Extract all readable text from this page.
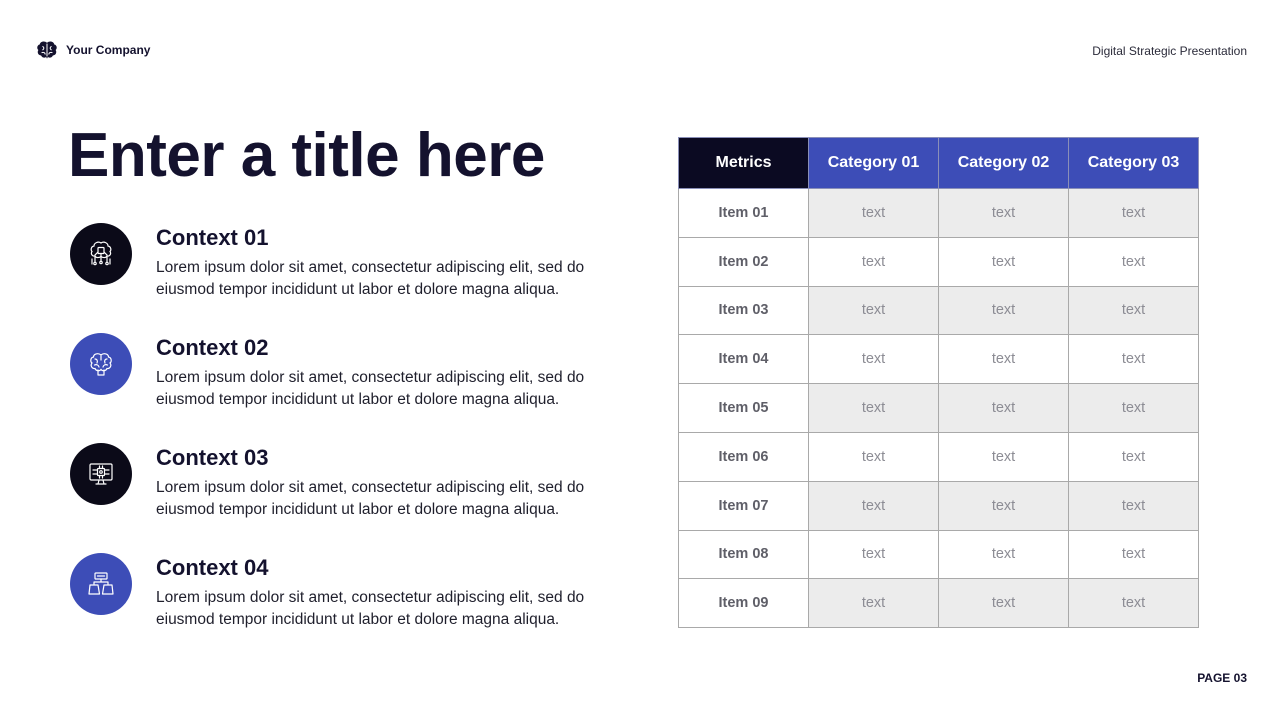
Your Company	Digital Strategic Presentation
Enter a title here
Context 01
Lorem ipsum dolor sit amet, consectetur adipiscing elit, sed do eiusmod tempor incididunt ut labor et dolore magna aliqua.
Context 02
Lorem ipsum dolor sit amet, consectetur adipiscing elit, sed do eiusmod tempor incididunt ut labor et dolore magna aliqua.
Context 03
Lorem ipsum dolor sit amet, consectetur adipiscing elit, sed do eiusmod tempor incididunt ut labor et dolore magna aliqua.
Context 04
Lorem ipsum dolor sit amet, consectetur adipiscing elit, sed do eiusmod tempor incididunt ut labor et dolore magna aliqua.
Metrics	Category 01	Category 02	Category 03
Item 01	text	text	text
Item 02	text	text	text
Item 03	text	text	text
Item 04	text	text	text
Item 05	text	text	text
Item 06	text	text	text
Item 07	text	text	text
Item 08	text	text	text
Item 09	text	text	text
PAGE 03
